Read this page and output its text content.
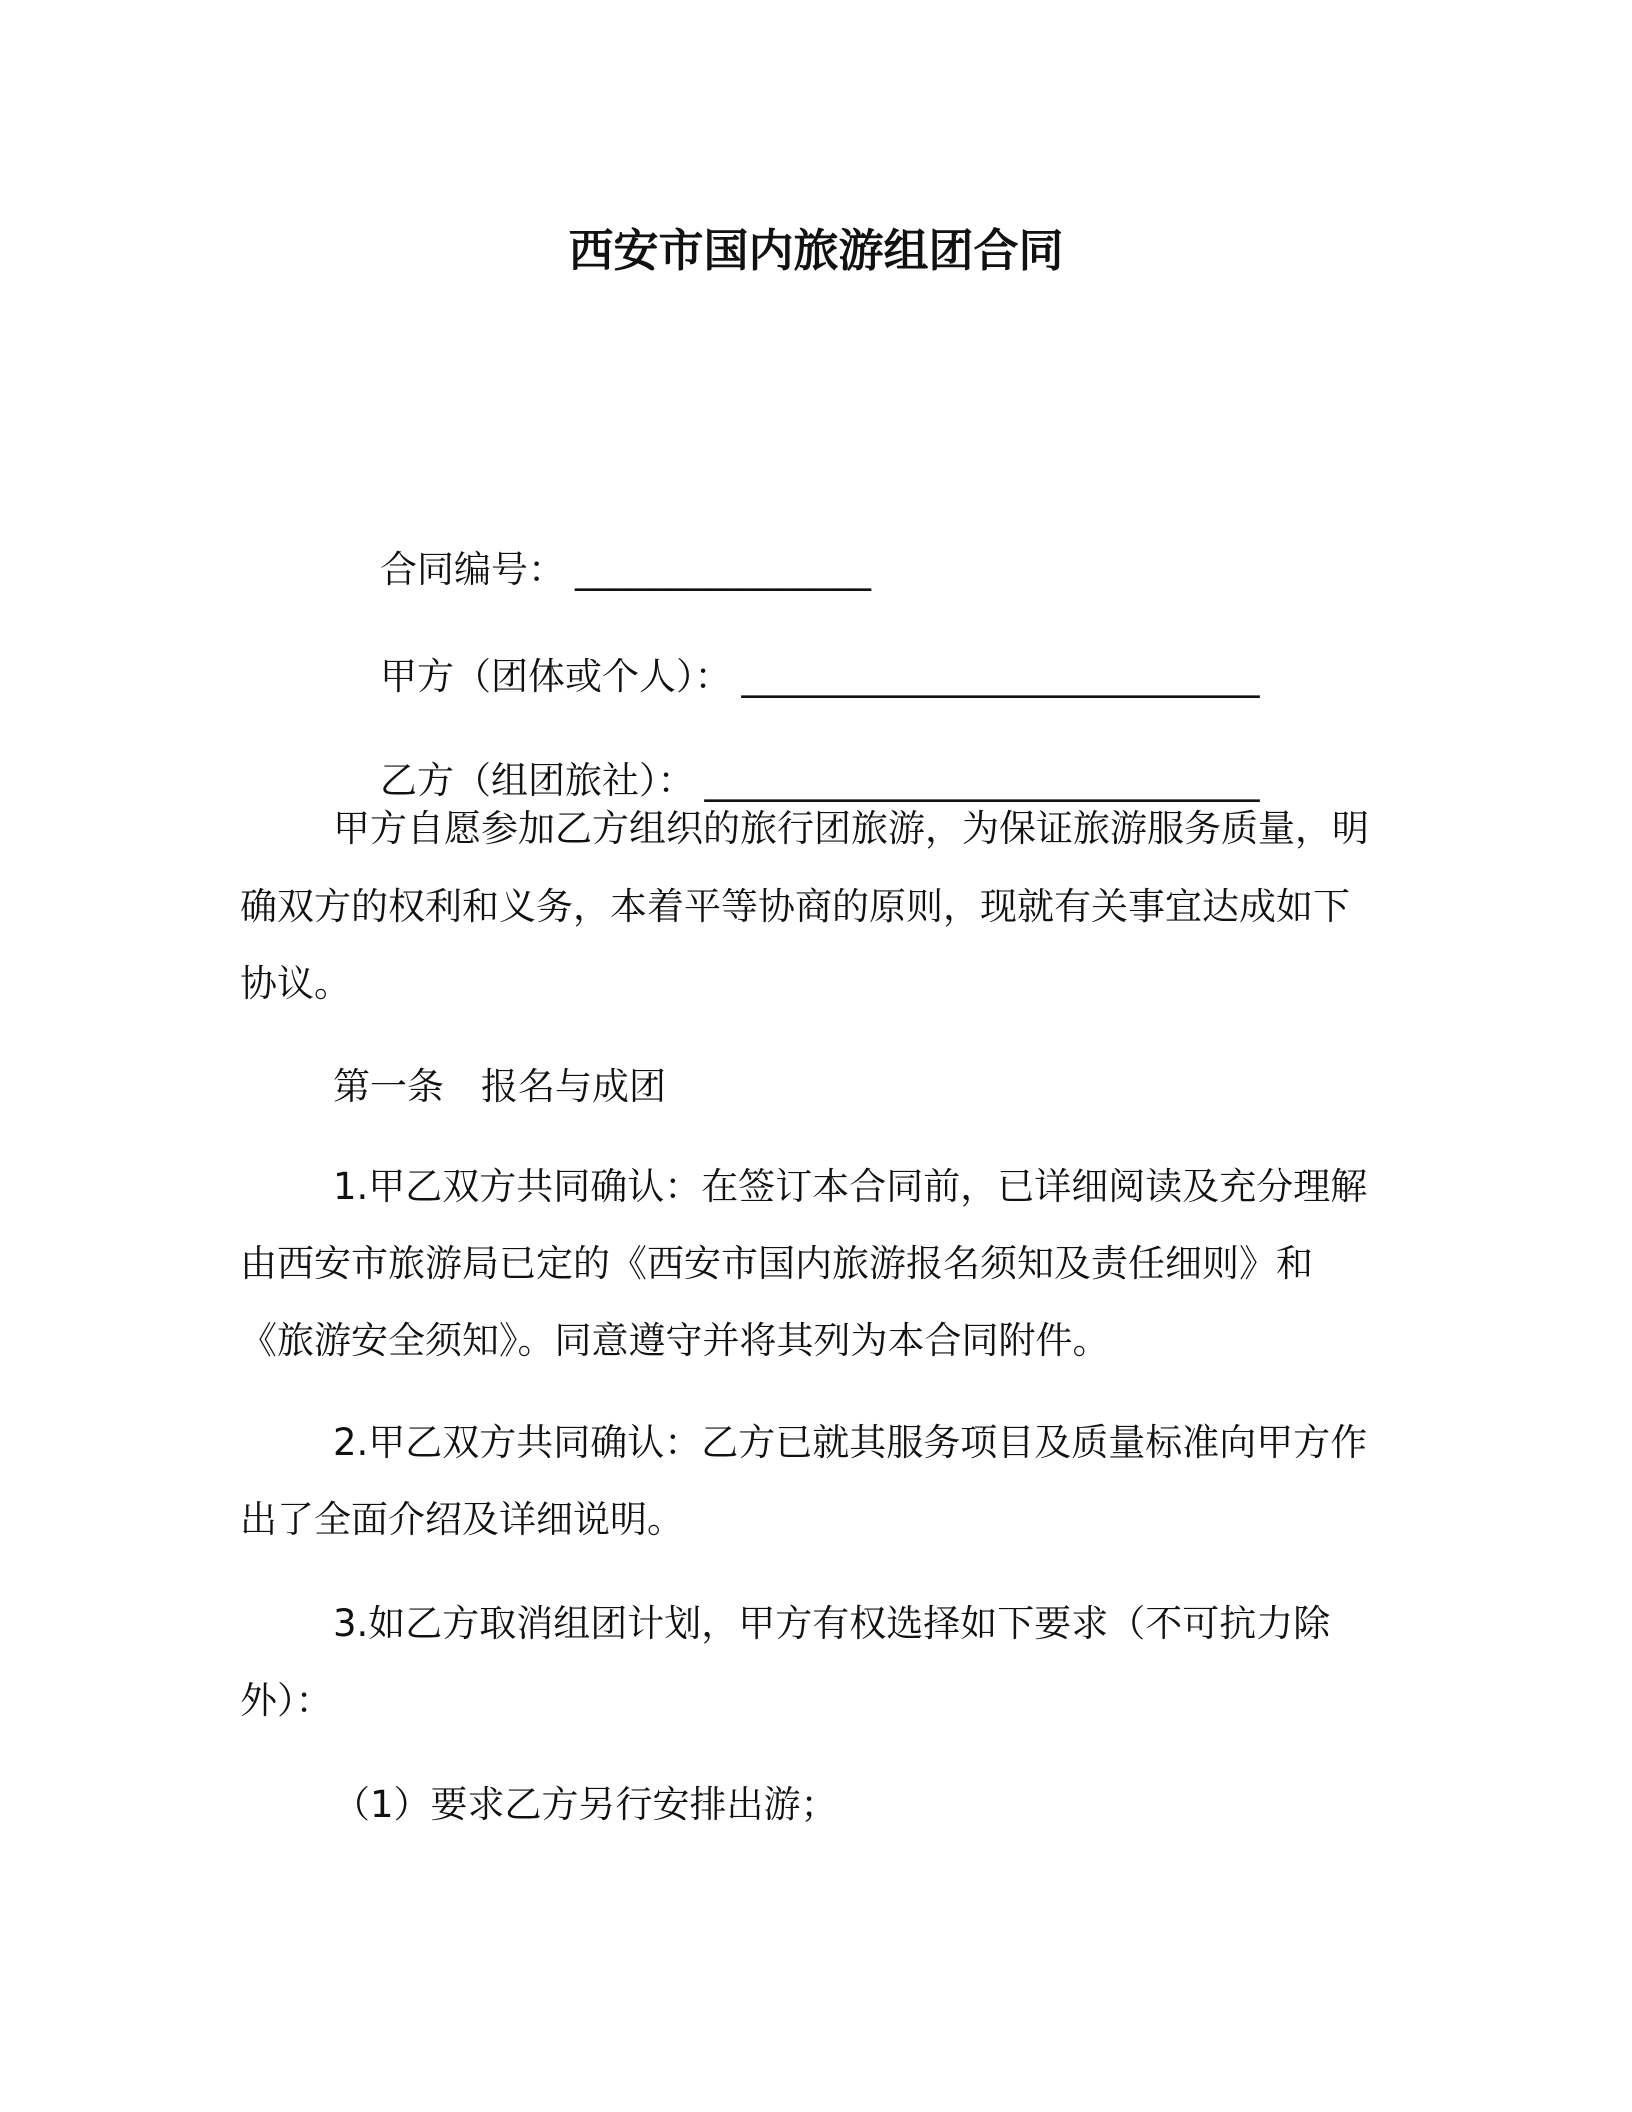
西安市国内旅游组团合同

合同编号： ________________

甲方（团体或个人）： ____________________________

乙方（组团旅社）： ______________________________

甲方自愿参加乙方组织的旅行团旅游，为保证旅游服务质量，明
确双方的权利和义务，本着平等协商的原则，现就有关事宜达成如下
协议。
第一条　报名与成团
1.甲乙双方共同确认：在签订本合同前，已详细阅读及充分理解
由西安市旅游局已定的《西安市国内旅游报名须知及责任细则》和
《旅游安全须知》。同意遵守并将其列为本合同附件。
2.甲乙双方共同确认：乙方已就其服务项目及质量标准向甲方作
出了全面介绍及详细说明。
3.如乙方取消组团计划，甲方有权选择如下要求（不可抗力除
外）：
（1）要求乙方另行安排出游；
